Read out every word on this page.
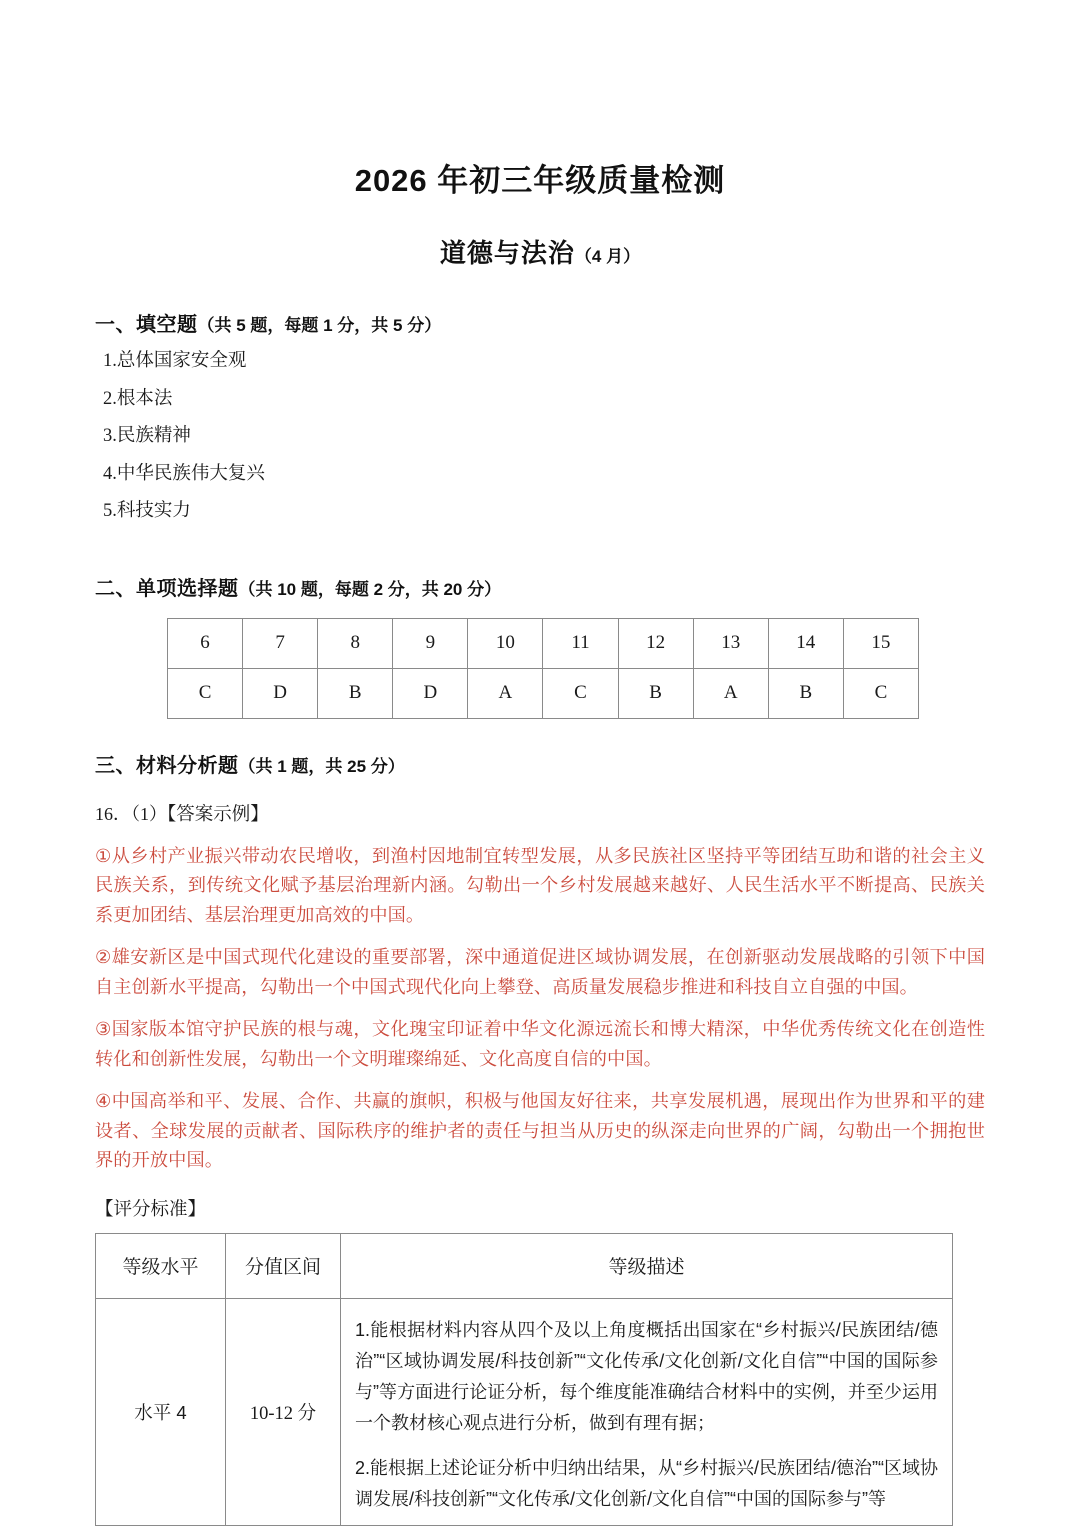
2026 年初三年级质量检测
道德与法治（4 月）
一、填空题（共 5 题，每题 1 分，共 5 分）
1.总体国家安全观
2.根本法
3.民族精神
4.中华民族伟大复兴
5.科技实力
二、单项选择题（共 10 题，每题 2 分，共 20 分）
6	7	8	9	10	11	12	13	14	15
C	D	B	D	A	C	B	A	B	C
三、材料分析题（共 1 题，共 25 分）
16．（1）【答案示例】

①从乡村产业振兴带动农民增收，到渔村因地制宜转型发展，从多民族社区坚持平等团结互助和谐的社会主义民族关系，到传统文化赋予基层治理新内涵。勾勒出一个乡村发展越来越好、人民生活水平不断提高、民族关系更加团结、基层治理更加高效的中国。

②雄安新区是中国式现代化建设的重要部署，深中通道促进区域协调发展，在创新驱动发展战略的引领下中国自主创新水平提高，勾勒出一个中国式现代化向上攀登、高质量发展稳步推进和科技自立自强的中国。

③国家版本馆守护民族的根与魂，文化瑰宝印证着中华文化源远流长和博大精深，中华优秀传统文化在创造性转化和创新性发展，勾勒出一个文明璀璨绵延、文化高度自信的中国。

④中国高举和平、发展、合作、共赢的旗帜，积极与他国友好往来，共享发展机遇，展现出作为世界和平的建设者、全球发展的贡献者、国际秩序的维护者的责任与担当从历史的纵深走向世界的广阔，勾勒出一个拥抱世界的开放中国。

【评分标准】
等级水平	分值区间	等级描述
水平 4	10-12 分	1.能根据材料内容从四个及以上角度概括出国家在“乡村振兴/民族团结/德治”“区域协调发展/科技创新”“文化传承/文化创新/文化自信”“中国的国际参与”等方面进行论证分析，每个维度能准确结合材料中的实例，并至少运用一个教材核心观点进行分析，做到有理有据；

2.能根据上述论证分析中归纳出结果，从“乡村振兴/民族团结/德治”“区域协调发展/科技创新”“文化传承/文化创新/文化自信”“中国的国际参与”等
